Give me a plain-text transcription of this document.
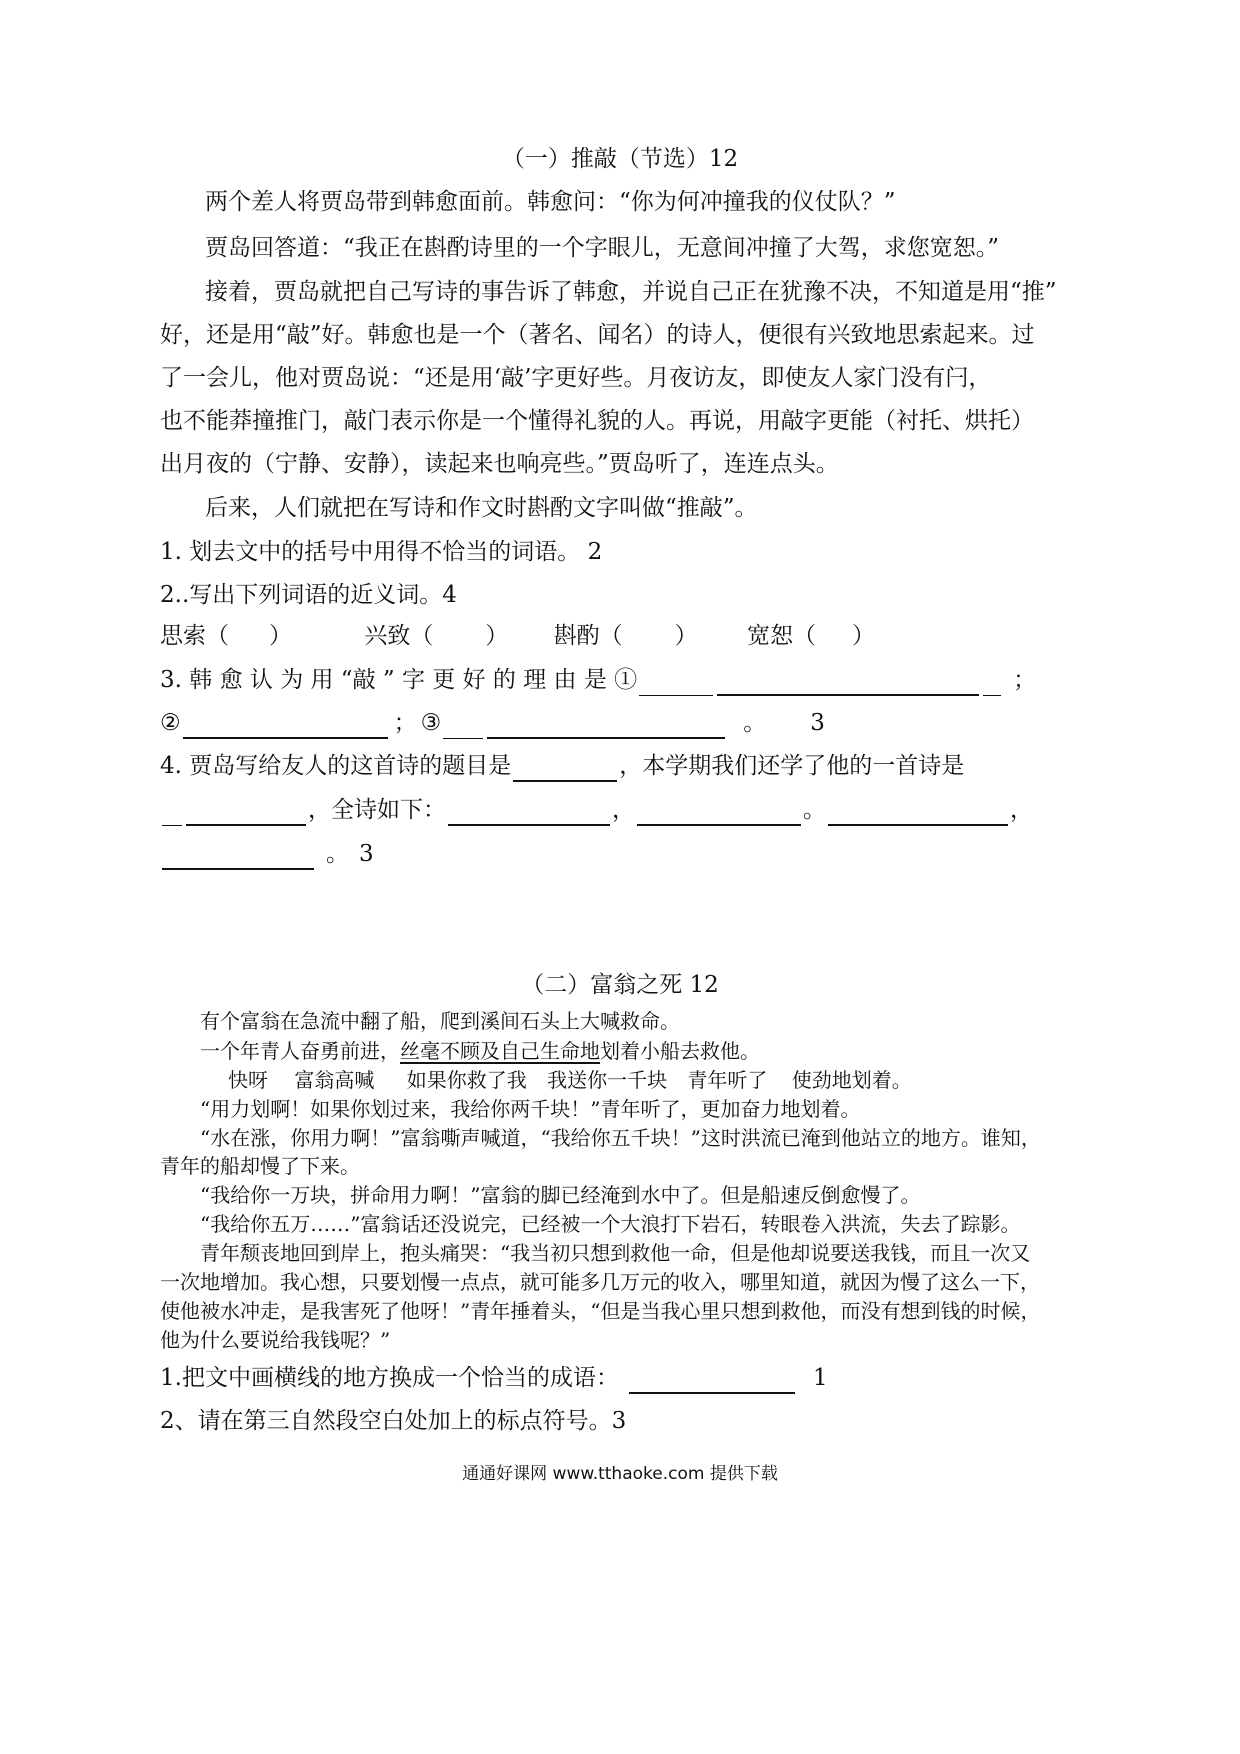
（一）推敲（节选）12
两个差人将贾岛带到韩愈面前。韩愈问：“你为何冲撞我的仪仗队？”
贾岛回答道：“我正在斟酌诗里的一个字眼儿，无意间冲撞了大驾，求您宽恕。”
接着，贾岛就把自己写诗的事告诉了韩愈，并说自己正在犹豫不决，不知道是用“推”
好，还是用“敲”好。韩愈也是一个（著名、闻名）的诗人，便很有兴致地思索起来。过
了一会儿，他对贾岛说：“还是用‘敲’字更好些。月夜访友，即使友人家门没有闩，
也不能莽撞推门，敲门表示你是一个懂得礼貌的人。再说，用敲字更能（衬托、烘托）
出月夜的（宁静、安静），读起来也响亮些。”贾岛听了，连连点头。
后来，人们就把在写诗和作文时斟酌文字叫做“推敲”。
1. 划去文中的括号中用得不恰当的词语。 2
2..写出下列词语的近义词。4
思索（ ）	兴致（ ） 斟酌（ ） 宽恕（ ）
3. 韩 愈 认 为 用 “敲 ” 字 更 好 的 理 由 是 ①	；
②	； ③	。 3
4. 贾岛写给友人的这首诗的题目是	，本学期我们还学了他的一首诗是
，全诗如下：	，	。	，
。 3
（二）富翁之死 12
有个富翁在急流中翻了船，爬到溪间石头上大喊救命。
一个年青人奋勇前进，丝毫不顾及自己生命地划着小船去救他。
快呀 富翁高喊 如果你救了我 我送你一千块 青年听了 使劲地划着。
“用力划啊！如果你划过来，我给你两千块！”青年听了，更加奋力地划着。
“水在涨，你用力啊！”富翁嘶声喊道，“我给你五千块！”这时洪流已淹到他站立的地方。谁知，
青年的船却慢了下来。
“我给你一万块，拼命用力啊！”富翁的脚已经淹到水中了。但是船速反倒愈慢了。
“我给你五万……”富翁话还没说完，已经被一个大浪打下岩石，转眼卷入洪流，失去了踪影。
青年颓丧地回到岸上，抱头痛哭：“我当初只想到救他一命，但是他却说要送我钱，而且一次又
一次地增加。我心想，只要划慢一点点，就可能多几万元的收入，哪里知道，就因为慢了这么一下，
使他被水冲走，是我害死了他呀！”青年捶着头，“但是当我心里只想到救他，而没有想到钱的时候，
他为什么要说给我钱呢？”
1.把文中画横线的地方换成一个恰当的成语：	1
2、请在第三自然段空白处加上的标点符号。3
通通好课网 www.tthaoke.com 提供下载
